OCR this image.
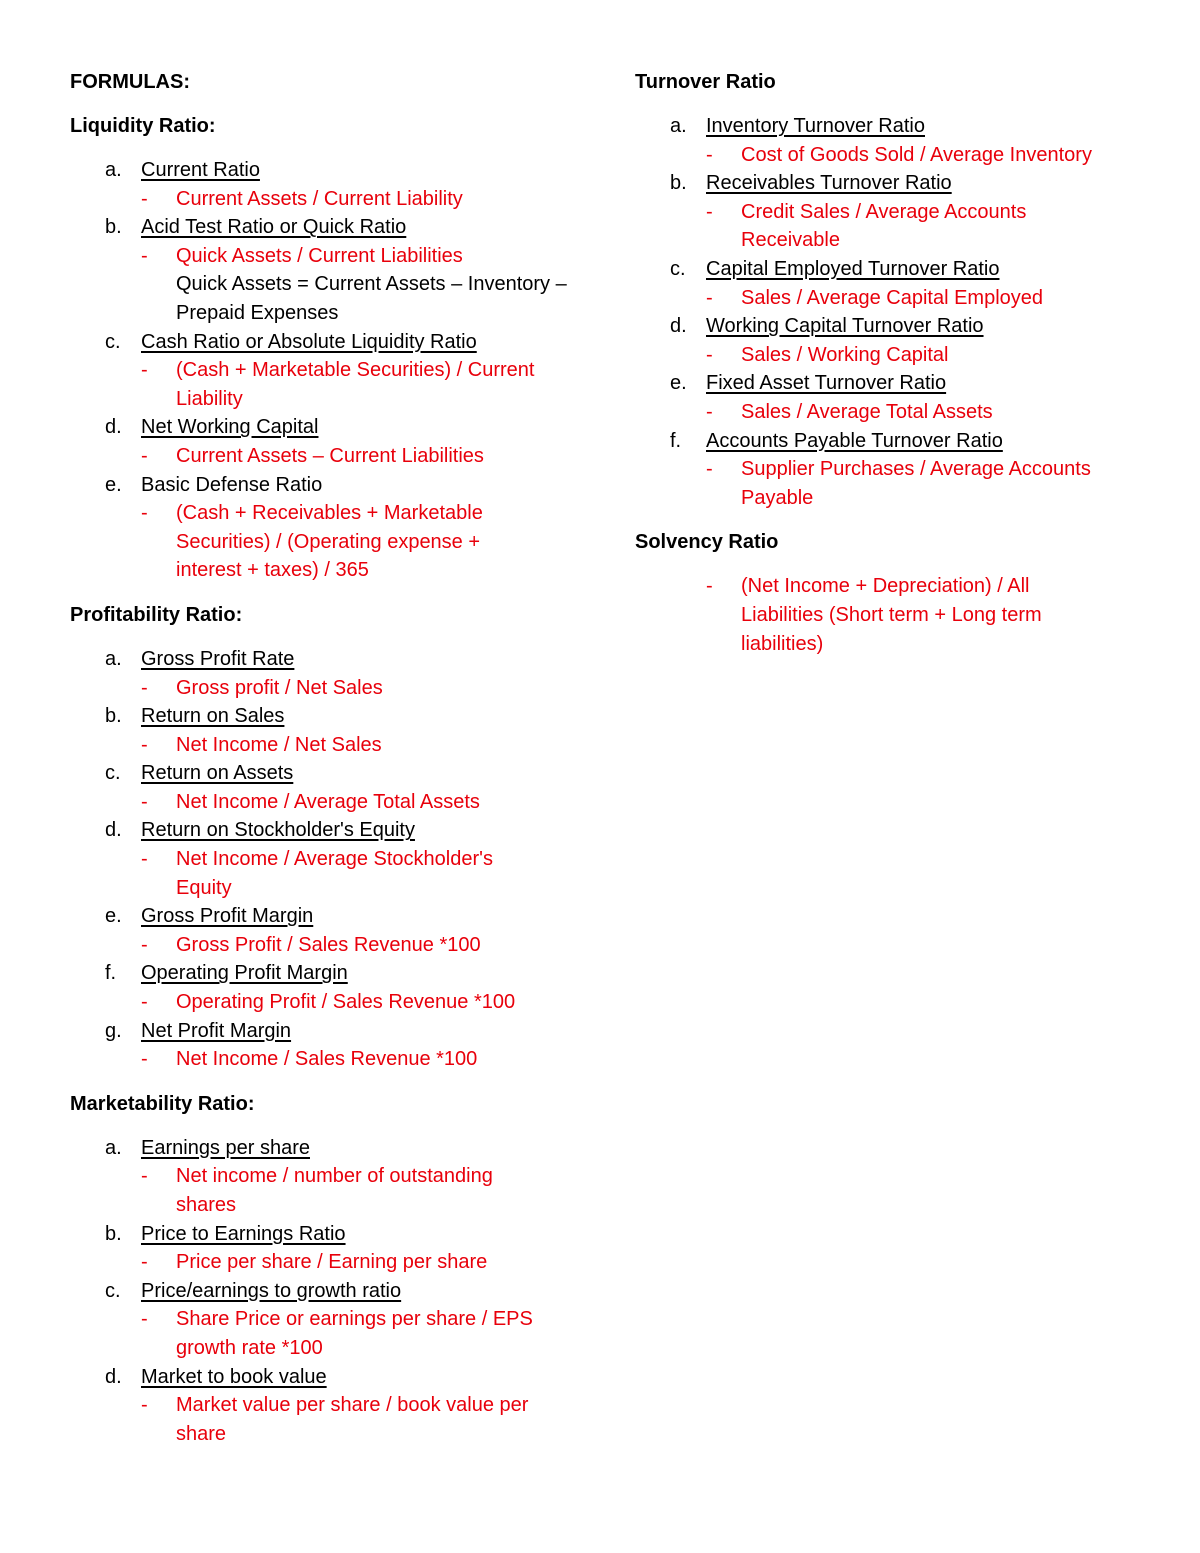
FORMULAS:

Liquidity Ratio:

a. Current Ratio
-	Current Assets / Current Liability
b. Acid Test Ratio or Quick Ratio
-	Quick Assets / Current Liabilities
Quick Assets = Current Assets – Inventory – Prepaid Expenses
c.	Cash Ratio or Absolute Liquidity Ratio
-	(Cash + Marketable Securities) / Current Liability
d. Net Working Capital
-	Current Assets – Current Liabilities
e. Basic Defense Ratio
-	(Cash + Receivables + Marketable Securities) / (Operating expense + interest + taxes) / 365

Profitability Ratio:

a. Gross Profit Rate
-	Gross profit / Net Sales
b. Return on Sales
-	Net Income / Net Sales
c.	Return on Assets
-	Net Income / Average Total Assets
d. Return on Stockholder's Equity
-	Net Income / Average Stockholder's Equity
e. Gross Profit Margin
-	Gross Profit / Sales Revenue *100
f.	Operating Profit Margin
-	Operating Profit / Sales Revenue *100
g. Net Profit Margin
-	Net Income / Sales Revenue *100

Marketability Ratio:

a. Earnings per share
-	Net income / number of outstanding shares
b. Price to Earnings Ratio
-	Price per share / Earning per share
c.	Price/earnings to growth ratio
-	Share Price or earnings per share / EPS growth rate *100
d. Market to book value
-	Market value per share / book value per share

Turnover Ratio

a. Inventory Turnover Ratio
-	Cost of Goods Sold / Average Inventory
b. Receivables Turnover Ratio
-	Credit Sales / Average Accounts Receivable
c.	Capital Employed Turnover Ratio
-	Sales / Average Capital Employed
d. Working Capital Turnover Ratio
-	Sales / Working Capital
e. Fixed Asset Turnover Ratio
-	Sales / Average Total Assets
f.	Accounts Payable Turnover Ratio
-	Supplier Purchases / Average Accounts Payable

Solvency Ratio

-	(Net Income + Depreciation) / All Liabilities (Short term + Long term liabilities)
